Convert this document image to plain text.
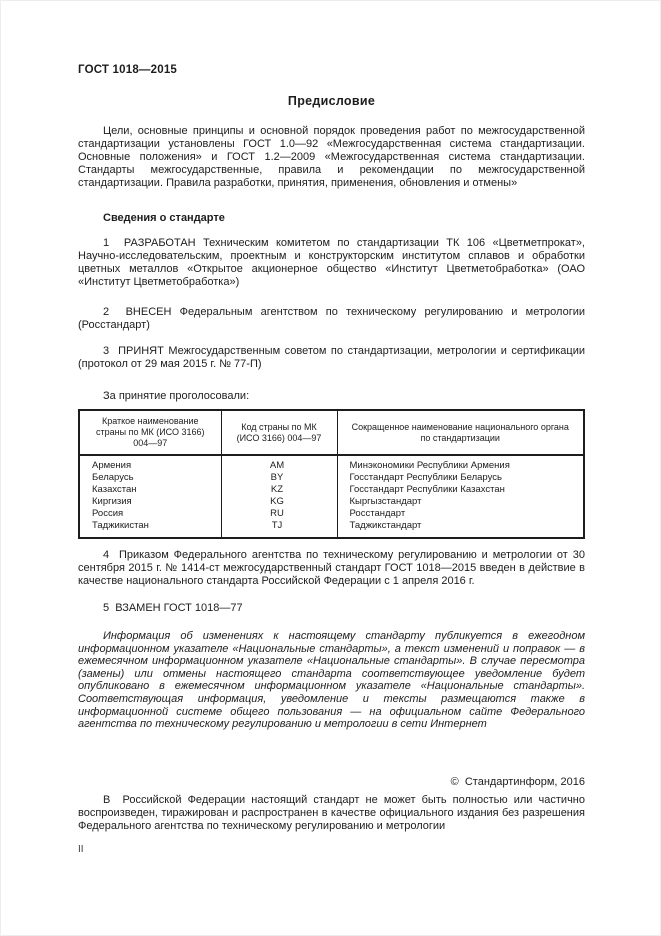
ГОСТ 1018—2015
Предисловие

Цели, основные принципы и основной порядок проведения работ по межгосударственной стандартизации установлены ГОСТ 1.0—92 «Межгосударственная система стандартизации. Основные положения» и ГОСТ 1.2—2009 «Межгосударственная система стандартизации. Стандарты межгосударственные, правила и рекомендации по межгосударственной стандартизации. Правила разработки, принятия, применения, обновления и отмены»

Сведения о стандарте

1  РАЗРАБОТАН Техническим комитетом по стандартизации ТК 106 «Цветметпрокат», Научно-исследовательским, проектным и конструкторским институтом сплавов и обработки цветных металлов «Открытое акционерное общество «Институт Цветметобработка» (ОАО «Институт Цветметобработка»)

2  ВНЕСЕН Федеральным агентством по техническому регулированию и метрологии (Росстандарт)

3  ПРИНЯТ Межгосударственным советом по стандартизации, метрологии и сертификации (протокол от 29 мая 2015 г. № 77-П)

За принятие проголосовали:

Краткое наименование страны по МК (ИСО 3166) 004—97	Код страны по МК (ИСО 3166) 004—97	Сокращенное наименование национального органа по стандартизации
Армения	AM	Минэкономики Республики Армения
Беларусь	BY	Госстандарт Республики Беларусь
Казахстан	KZ	Госстандарт Республики Казахстан
Киргизия	KG	Кыргызстандарт
Россия	RU	Росстандарт
Таджикистан	TJ	Таджикстандарт

4  Приказом Федерального агентства по техническому регулированию и метрологии от 30 сентября 2015 г. № 1414-ст межгосударственный стандарт ГОСТ 1018—2015 введен в действие в качестве национального стандарта Российской Федерации с 1 апреля 2016 г.

5  ВЗАМЕН ГОСТ 1018—77

Информация об изменениях к настоящему стандарту публикуется в ежегодном информационном указателе «Национальные стандарты», а текст изменений и поправок — в ежемесячном информационном указателе «Национальные стандарты». В случае пересмотра (замены) или отмены настоящего стандарта соответствующее уведомление будет опубликовано в ежемесячном информационном указателе «Национальные стандарты». Соответствующая информация, уведомление и тексты размещаются также в информационной системе общего пользования — на официальном сайте Федерального агентства по техническому регулированию и метрологии в сети Интернет

©  Стандартинформ, 2016

В  Российской Федерации настоящий стандарт не может быть полностью или частично воспроизведен, тиражирован и распространен в качестве официального издания без разрешения Федерального агентства по техническому регулированию и метрологии

II
